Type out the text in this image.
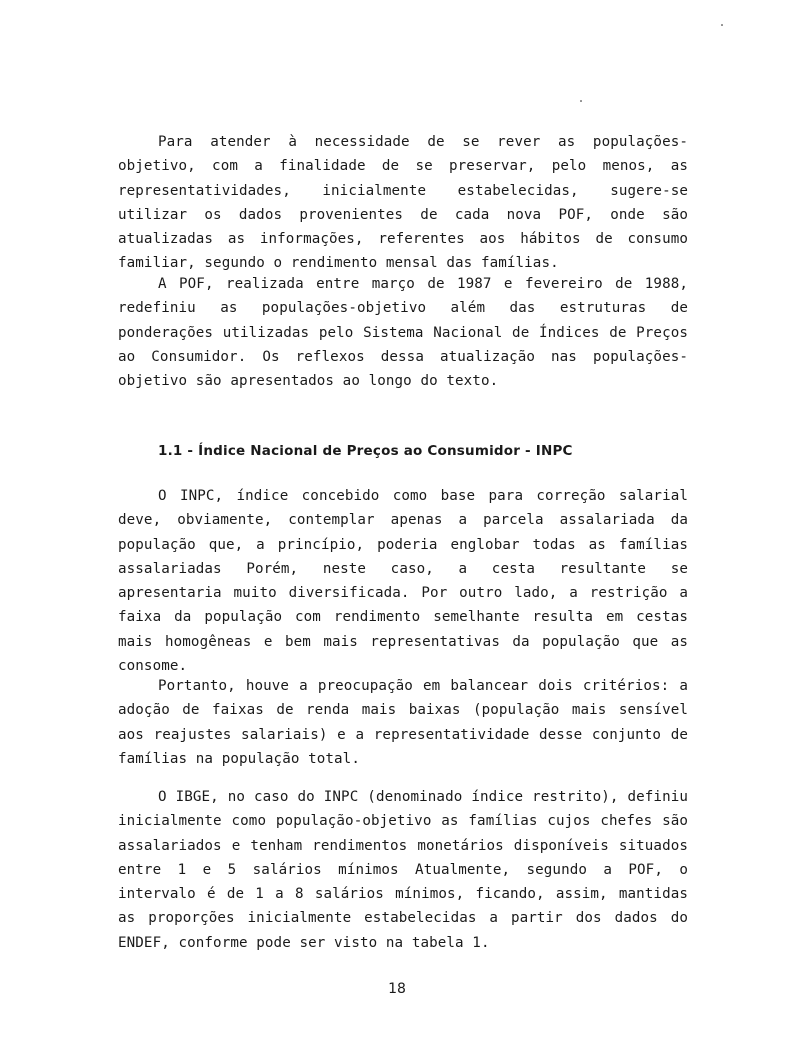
Para atender à necessidade de se rever as populações-objetivo, com a finalidade de se preservar, pelo menos, as representatividades, inicialmente estabelecidas, sugere-se utilizar os dados provenientes de cada nova POF, onde são atualizadas as informações, referentes aos hábitos de consumo familiar, segundo o rendimento mensal das famílias.

A POF, realizada entre março de 1987 e fevereiro de 1988, redefiniu as populações-objetivo além das estruturas de ponderações utilizadas pelo Sistema Nacional de Índices de Preços ao Consumidor. Os reflexos dessa atualização nas populações-objetivo são apresentados ao longo do texto.

1.1 - Índice Nacional de Preços ao Consumidor - INPC

O INPC, índice concebido como base para correção salarial deve, obviamente, contemplar apenas a parcela assalariada da população que, a princípio, poderia englobar todas as famílias assalariadas Porém, neste caso, a cesta resultante se apresentaria muito diversificada. Por outro lado, a restrição a faixa da população com rendimento semelhante resulta em cestas mais homogêneas e bem mais representativas da população que as consome.

Portanto, houve a preocupação em balancear dois critérios: a adoção de faixas de renda mais baixas (população mais sensível aos reajustes salariais) e a representatividade desse conjunto de famílias na população total.

O IBGE, no caso do INPC (denominado índice restrito), definiu inicialmente como população-objetivo as famílias cujos chefes são assalariados e tenham rendimentos monetários disponíveis situados entre 1 e 5 salários mínimos Atualmente, segundo a POF, o intervalo é de 1 a 8 salários mínimos, ficando, assim, mantidas as proporções inicialmente estabelecidas a partir dos dados do ENDEF, conforme pode ser visto na tabela 1.

18
